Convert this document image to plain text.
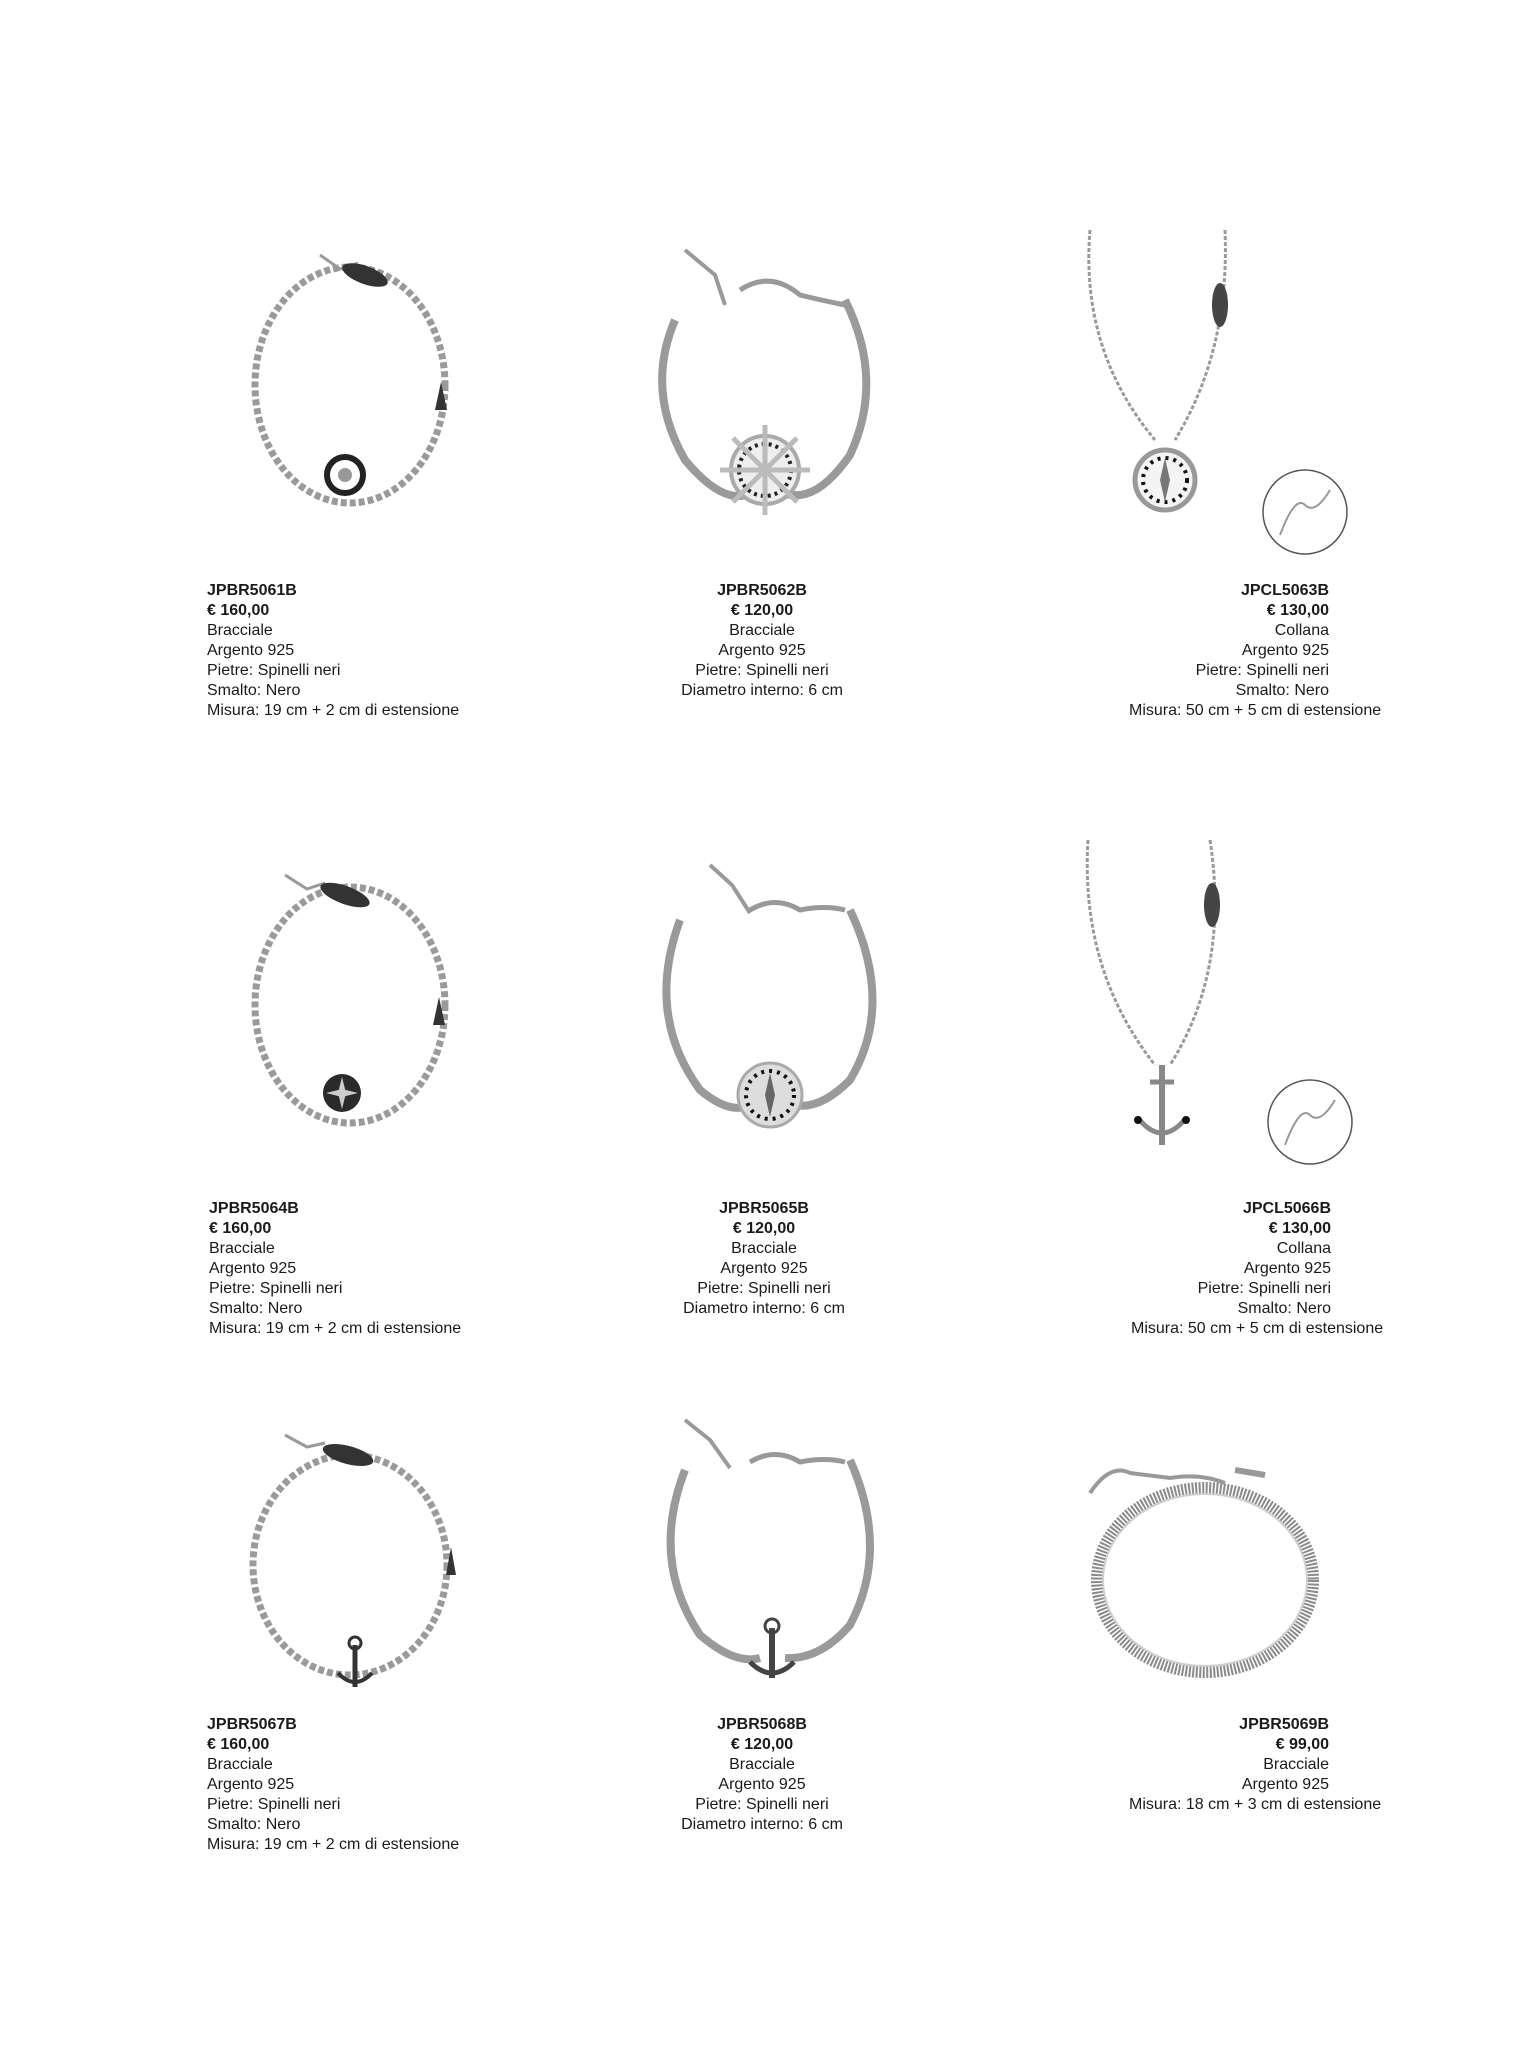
JPBR5061B
€ 160,00
Bracciale
Argento 925
Pietre: Spinelli neri
Smalto: Nero
Misura: 19 cm + 2 cm di estensione
JPBR5062B
€ 120,00
Bracciale
Argento 925
Pietre: Spinelli neri
Diametro interno: 6 cm
JPCL5063B
€ 130,00
Collana
Argento 925
Pietre: Spinelli neri
Smalto: Nero
Misura: 50 cm + 5 cm di estensione
JPBR5064B
€ 160,00
Bracciale
Argento 925
Pietre: Spinelli neri
Smalto: Nero
Misura: 19 cm + 2 cm di estensione
JPBR5065B
€ 120,00
Bracciale
Argento 925
Pietre: Spinelli neri
Diametro interno: 6 cm
JPCL5066B
€ 130,00
Collana
Argento 925
Pietre: Spinelli neri
Smalto: Nero
Misura: 50 cm + 5 cm di estensione
JPBR5067B
€ 160,00
Bracciale
Argento 925
Pietre: Spinelli neri
Smalto: Nero
Misura: 19 cm + 2 cm di estensione
JPBR5068B
€ 120,00
Bracciale
Argento 925
Pietre: Spinelli neri
Diametro interno: 6 cm
JPBR5069B
€ 99,00
Bracciale
Argento 925
Misura: 18 cm + 3 cm di estensione
